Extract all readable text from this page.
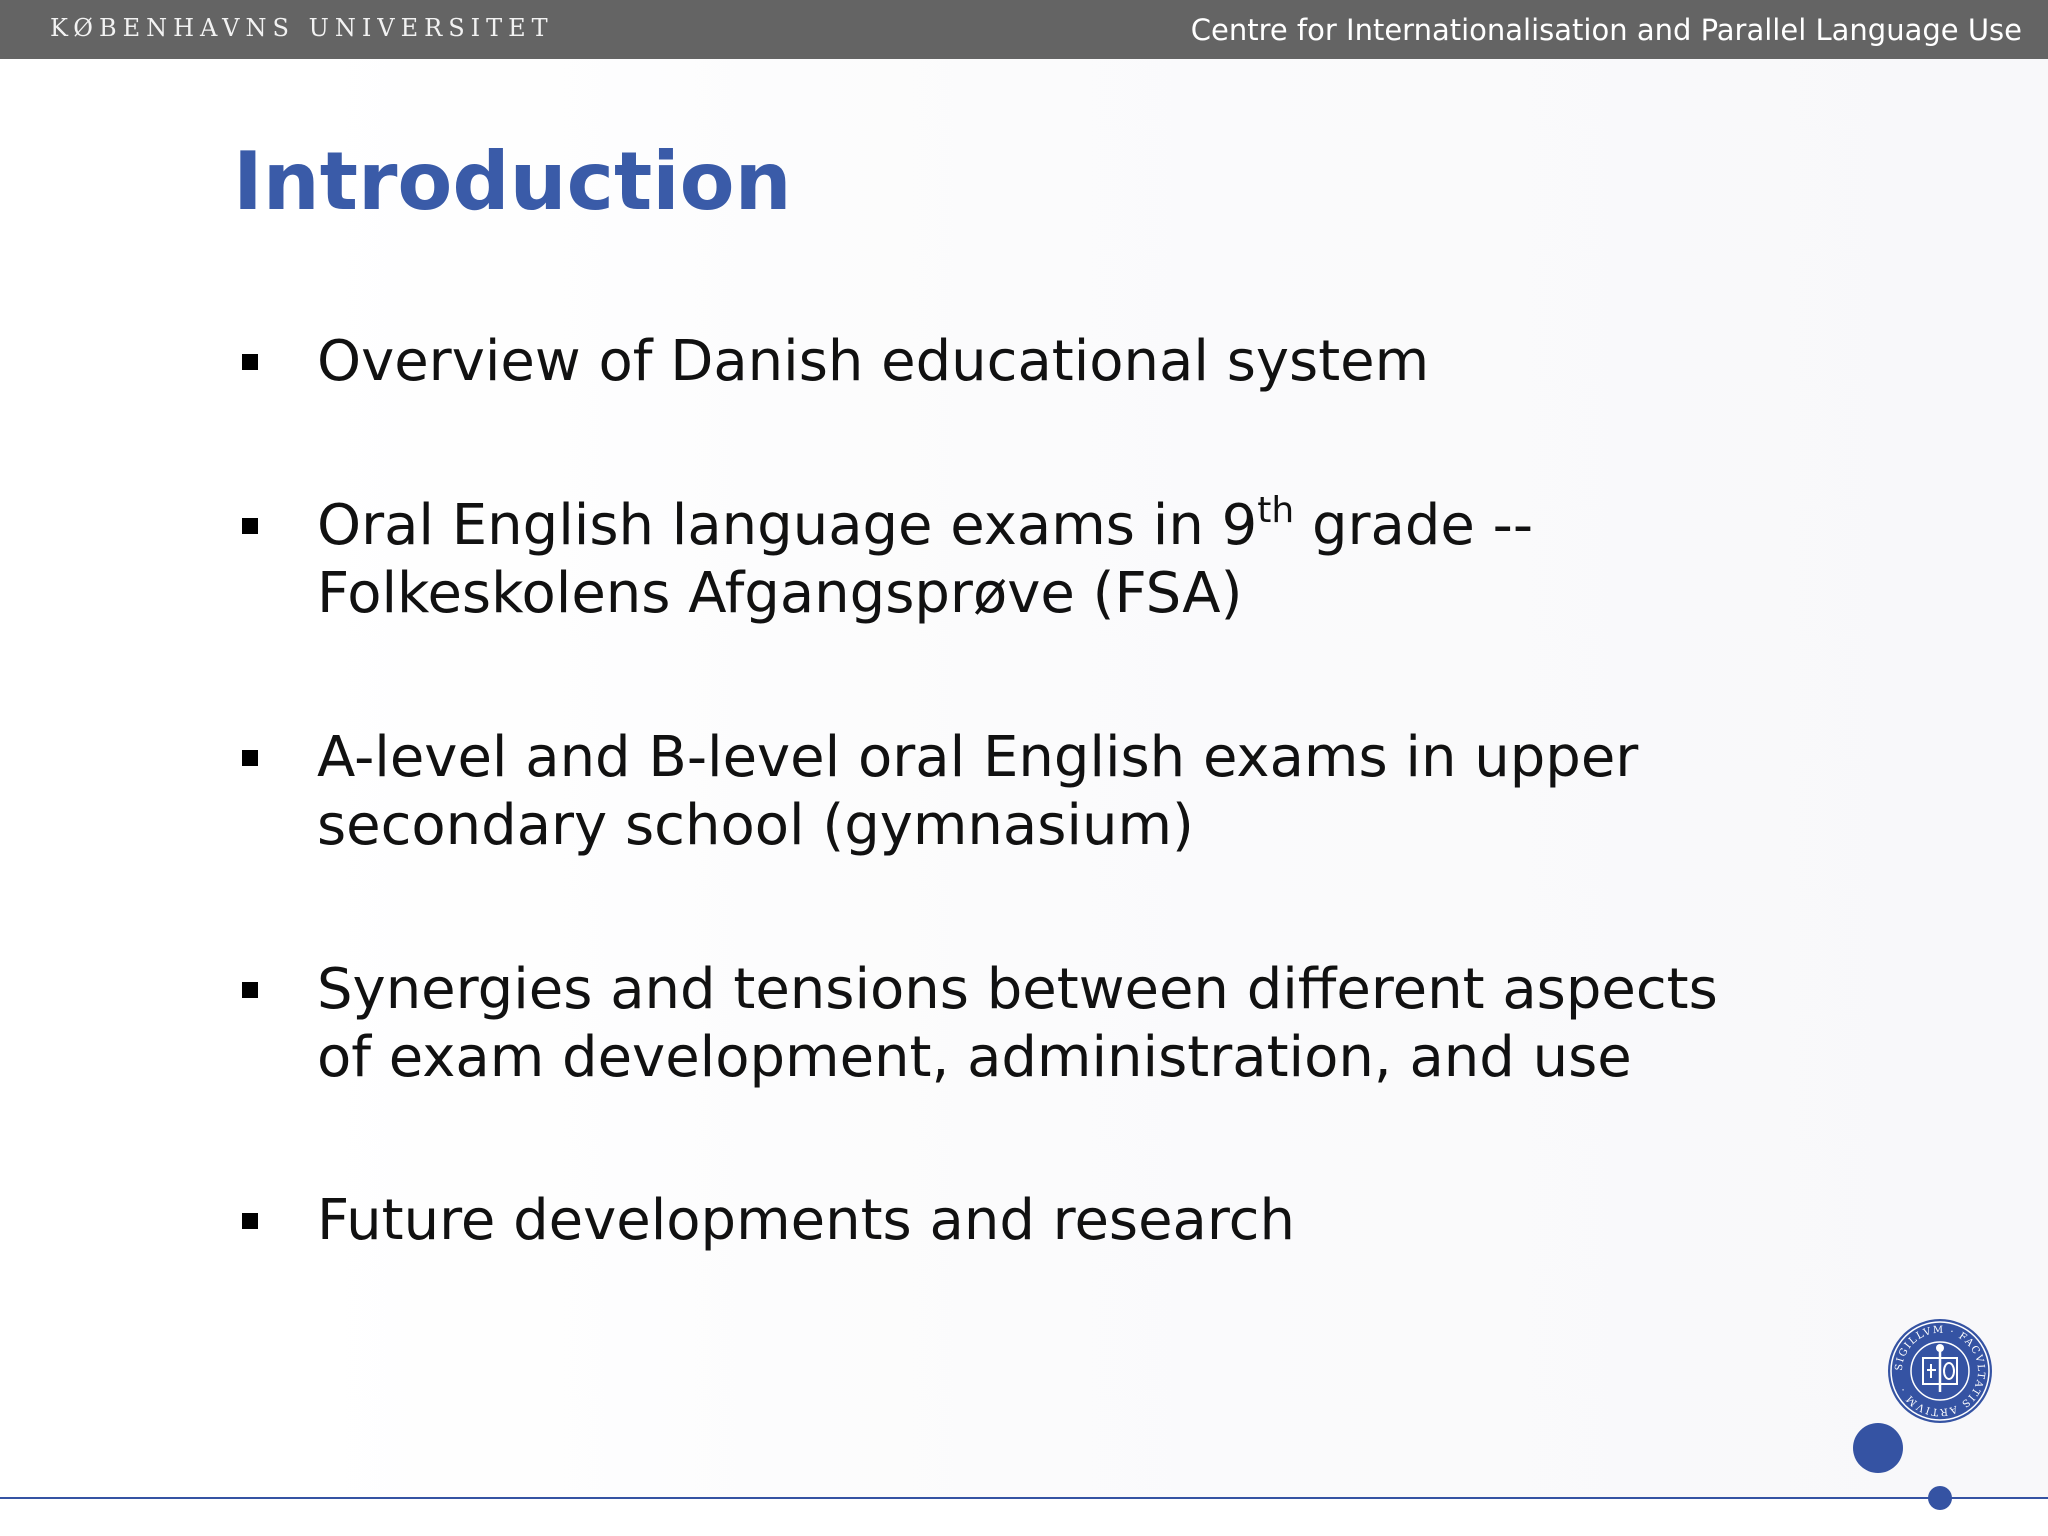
KØBENHAVNS UNIVERSITET	Centre for Internationalisation and Parallel Language Use
Introduction
Overview of Danish educational system
Oral English language exams in 9th grade --
Folkeskolens Afgangsprøve (FSA)
A-level and B-level oral English exams in upper
secondary school (gymnasium)
Synergies and tensions between different aspects
of exam development, administration, and use
Future developments and research
SIGILLVM · FACVLTATIS ARTIVM ·
